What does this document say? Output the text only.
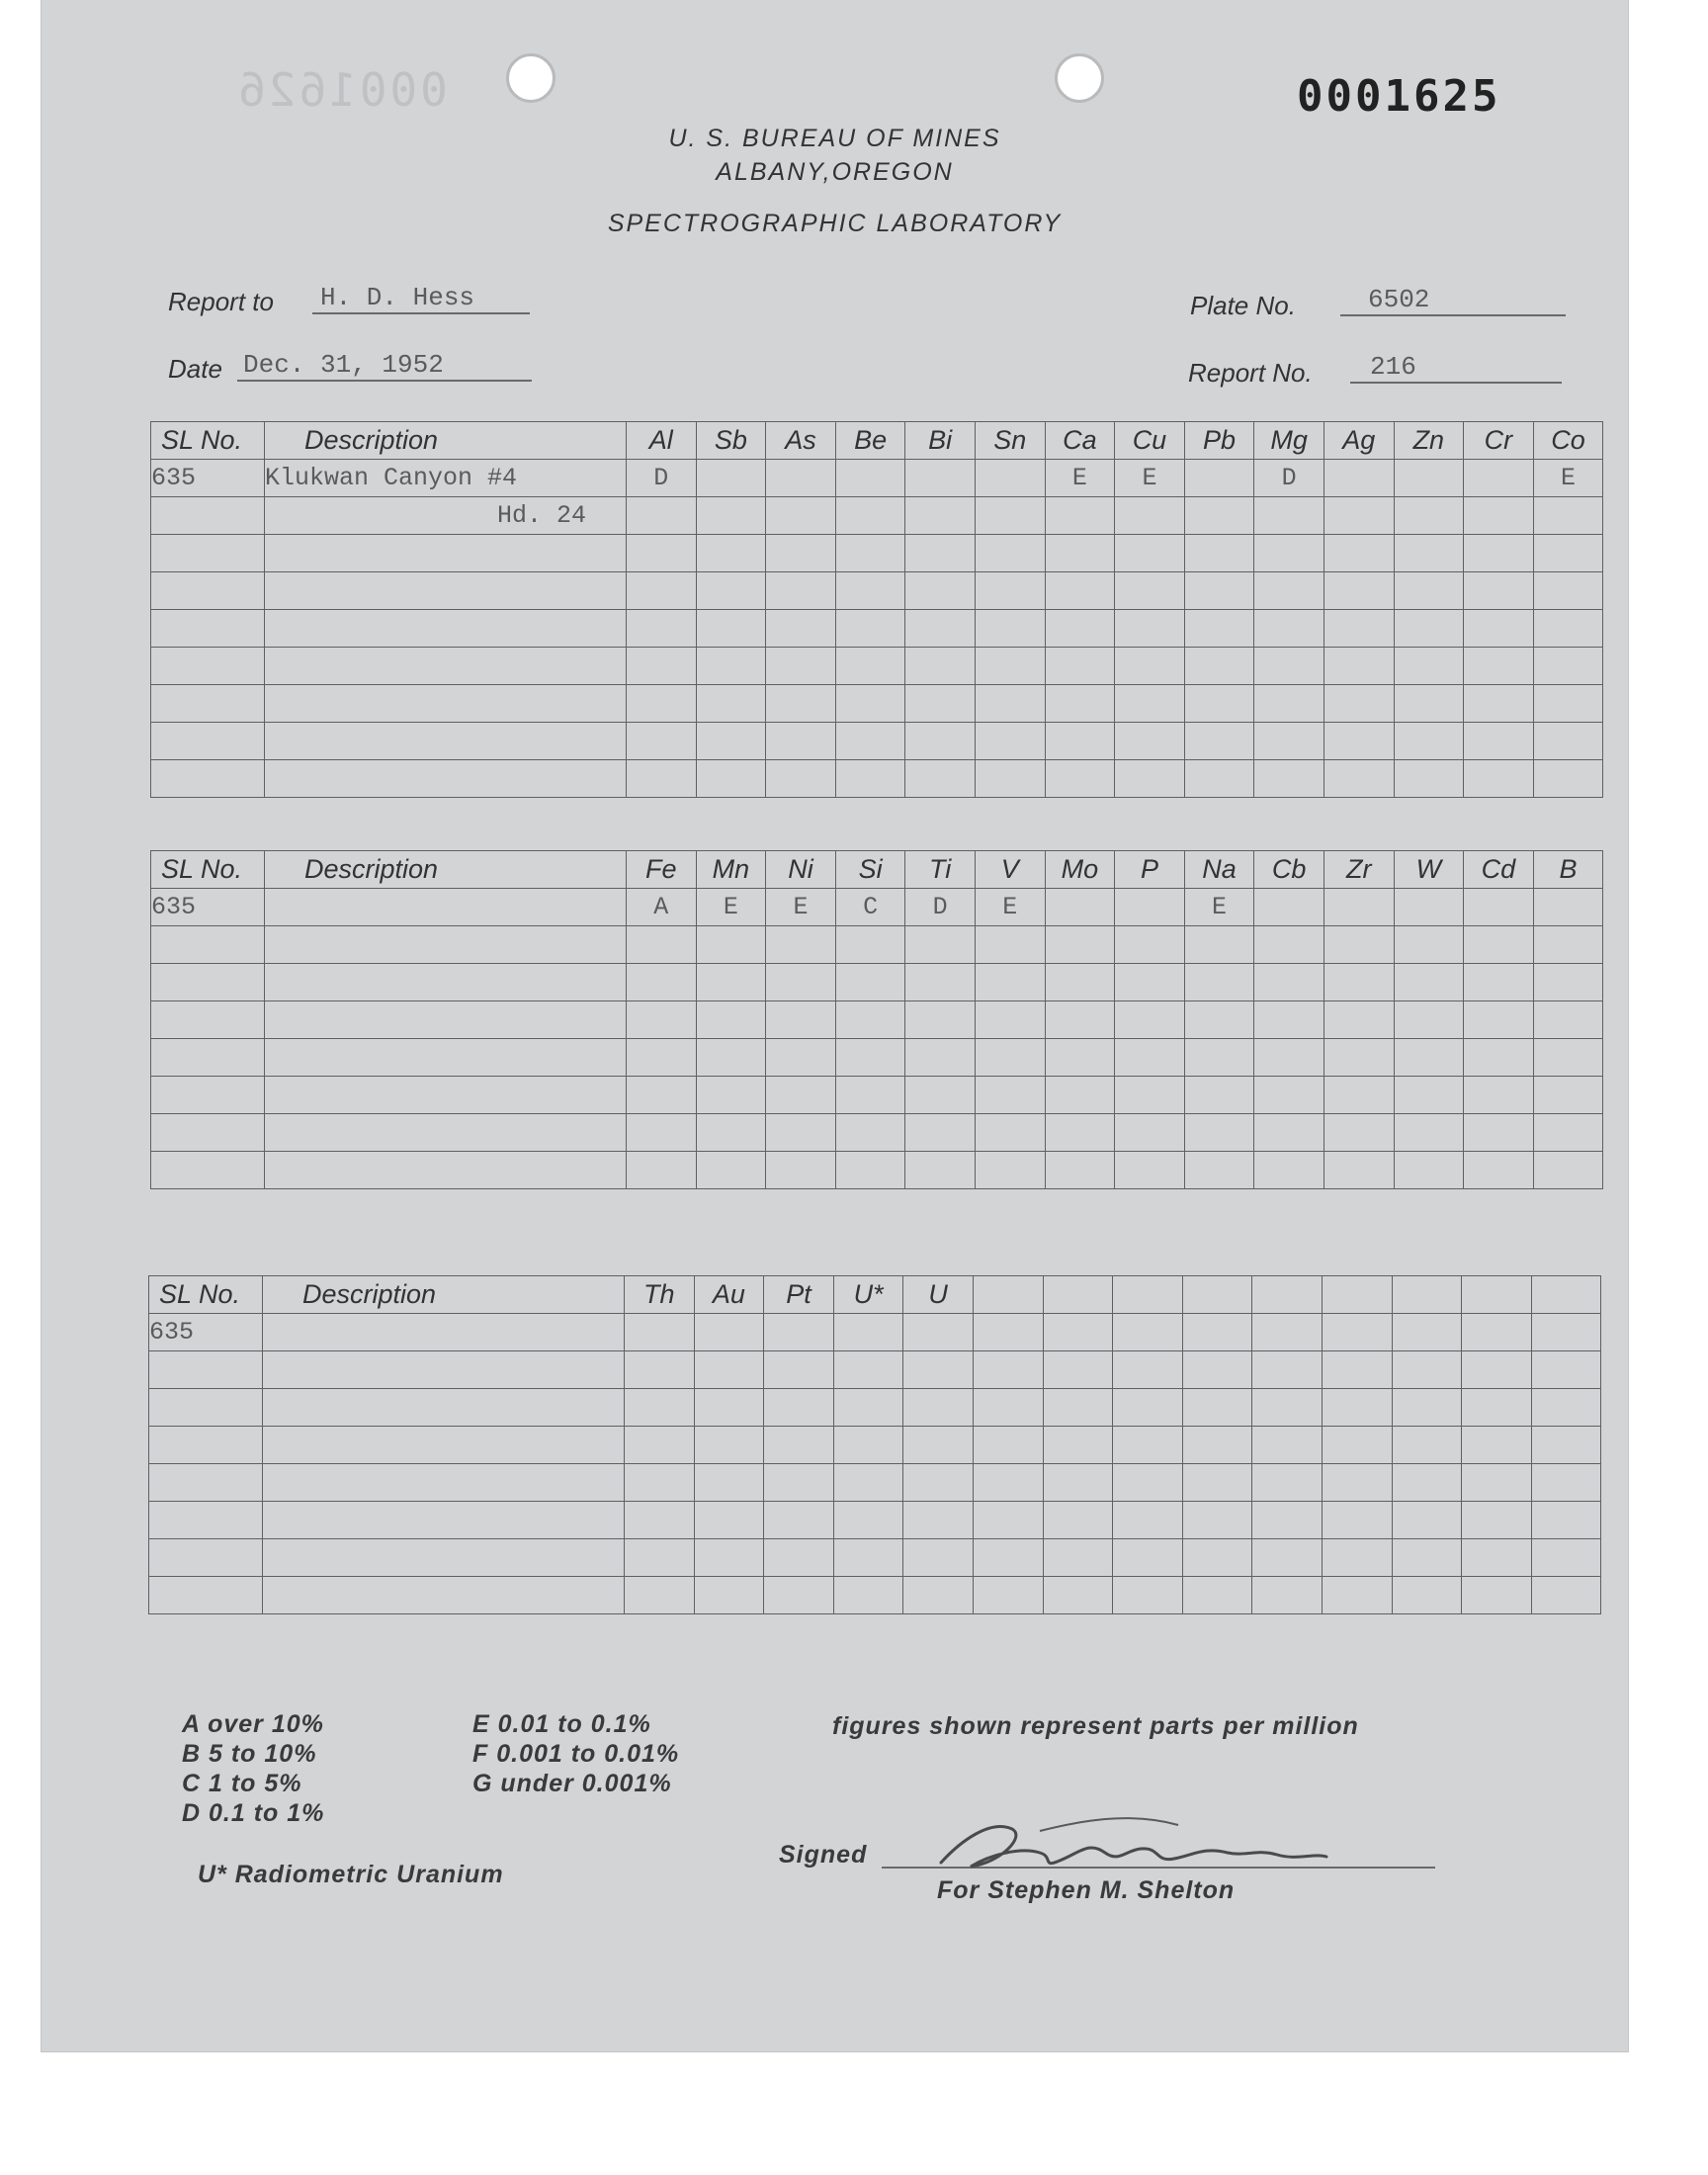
0001626	0001625
U. S. BUREAU OF MINES
ALBANY,OREGON
SPECTROGRAPHIC LABORATORY
Report to	H. D. Hess
Date Dec. 31, 1952
Plate No.	6502
Report No.	216
SL No.	Description	Al	Sb	As	Be	Bi	Sn	Ca	Cu	Pb	Mg	Ag	Zn	Cr	Co
635	Klukwan Canyon #4	D						E	E		D				E
	Hd. 24														

SL No.	Description	Fe	Mn	Ni	Si	Ti	V	Mo	P	Na	Cb	Zr	W	Cd	B
635		A	E	E	C	D	E			E					

SL No.	Description	Th	Au	Pt	U*	U									
635															

A over 10%
B 5 to 10%
C 1 to 5%
D 0.1 to 1%
E 0.01 to 0.1%
F 0.001 to 0.01%
G under 0.001%
figures shown represent parts per million
U* Radiometric Uranium
Signed
For Stephen M. Shelton
